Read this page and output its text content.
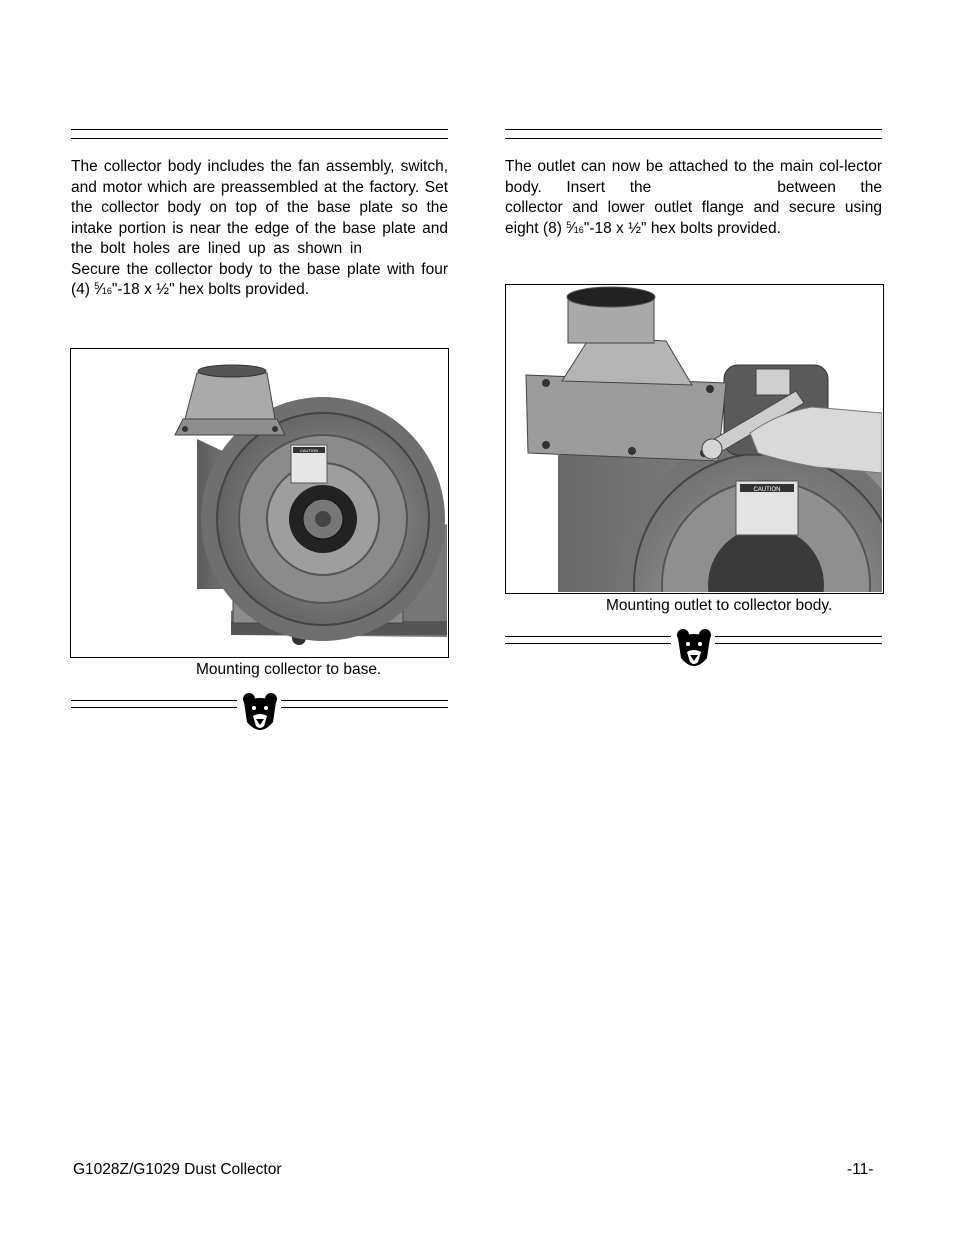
The collector body includes the fan assembly, switch, and motor which are preassembled at the factory. Set the collector body on top of the base plate so the intake portion is near the edge of the base plate and the bolt holes are lined up as shown inSecure the collector body to the base plate with four (4) $^5$⁄16"-18 x ½" hex bolts provided.

CAUTION
Mounting collector to base.

The outlet can now be attached to the main col-lector body. Insert the	between the collector and lower outlet flange and secure using eight (8) $^5$⁄16"-18 x ½" hex bolts provided.

CAUTION
Mounting outlet to collector body.
G1028Z/G1029 Dust Collector	-11-
